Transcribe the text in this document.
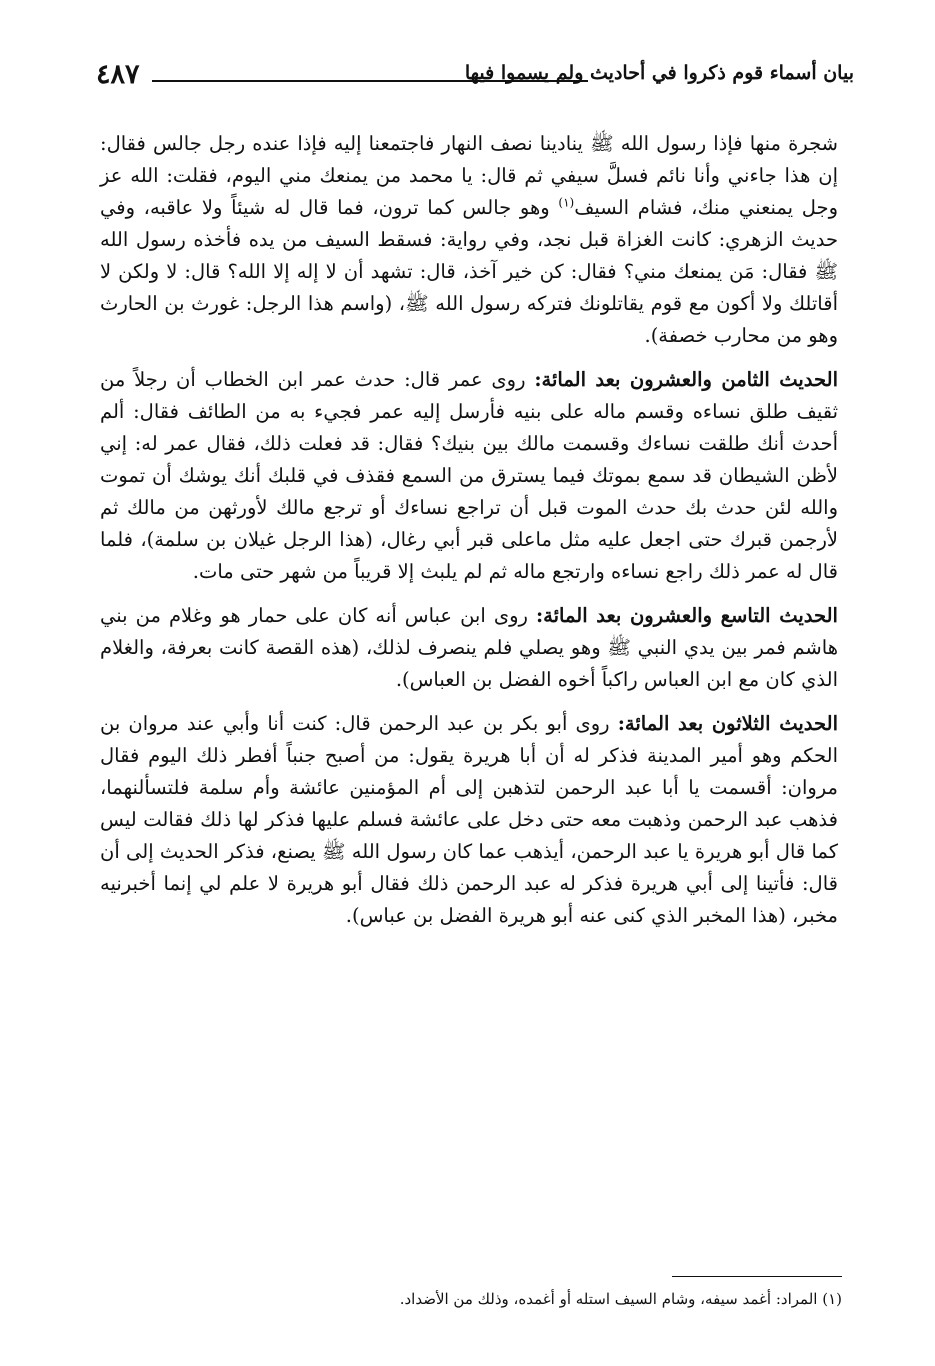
٤٨٧	بيان أسماء قوم ذكروا في أحاديث ولم يسموا فيها

شجرة منها فإذا رسول الله ﷺ ينادينا نصف النهار فاجتمعنا إليه فإذا عنده رجل جالس فقال: إن هذا جاءني وأنا نائم فسلَّ سيفي ثم قال: يا محمد من يمنعك مني اليوم، فقلت: الله عز وجل يمنعني منك، فشام السيف$^{(١)}$ وهو جالس كما ترون، فما قال له شيئاً ولا عاقبه، وفي حديث الزهري: كانت الغزاة قبل نجد، وفي رواية: فسقط السيف من يده فأخذه رسول الله ﷺ فقال: مَن يمنعك مني؟ فقال: كن خير آخذ، قال: تشهد أن لا إله إلا الله؟ قال: لا ولكن لا أقاتلك ولا أكون مع قوم يقاتلونك فتركه رسول الله ﷺ، (واسم هذا الرجل: غورث بن الحارث وهو من محارب خصفة).

الحديث الثامن والعشرون بعد المائة: روى عمر قال: حدث عمر ابن الخطاب أن رجلاً من ثقيف طلق نساءه وقسم ماله على بنيه فأرسل إليه عمر فجيء به من الطائف فقال: ألم أحدث أنك طلقت نساءك وقسمت مالك بين بنيك؟ فقال: قد فعلت ذلك، فقال عمر له: إني لأظن الشيطان قد سمع بموتك فيما يسترق من السمع فقذف في قلبك أنك يوشك أن تموت والله لئن حدث بك حدث الموت قبل أن تراجع نساءك أو ترجع مالك لأورثهن من مالك ثم لأرجمن قبرك حتى اجعل عليه مثل ماعلى قبر أبي رغال، (هذا الرجل غيلان بن سلمة)، فلما قال له عمر ذلك راجع نساءه وارتجع ماله ثم لم يلبث إلا قريباً من شهر حتى مات.

الحديث التاسع والعشرون بعد المائة: روى ابن عباس أنه كان على حمار هو وغلام من بني هاشم فمر بين يدي النبي ﷺ وهو يصلي فلم ينصرف لذلك، (هذه القصة كانت بعرفة، والغلام الذي كان مع ابن العباس راكباً أخوه الفضل بن العباس).

الحديث الثلاثون بعد المائة: روى أبو بكر بن عبد الرحمن قال: كنت أنا وأبي عند مروان بن الحكم وهو أمير المدينة فذكر له أن أبا هريرة يقول: من أصبح جنباً أفطر ذلك اليوم فقال مروان: أقسمت يا أبا عبد الرحمن لتذهبن إلى أم المؤمنين عائشة وأم سلمة فلتسألنهما، فذهب عبد الرحمن وذهبت معه حتى دخل على عائشة فسلم عليها فذكر لها ذلك فقالت ليس كما قال أبو هريرة يا عبد الرحمن، أيذهب عما كان رسول الله ﷺ يصنع، فذكر الحديث إلى أن قال: فأتينا إلى أبي هريرة فذكر له عبد الرحمن ذلك فقال أبو هريرة لا علم لي إنما أخبرنيه مخبر، (هذا المخبر الذي كنى عنه أبو هريرة الفضل بن عباس).

(١) المراد: أغمد سيفه، وشام السيف استله أو أغمده، وذلك من الأضداد.
